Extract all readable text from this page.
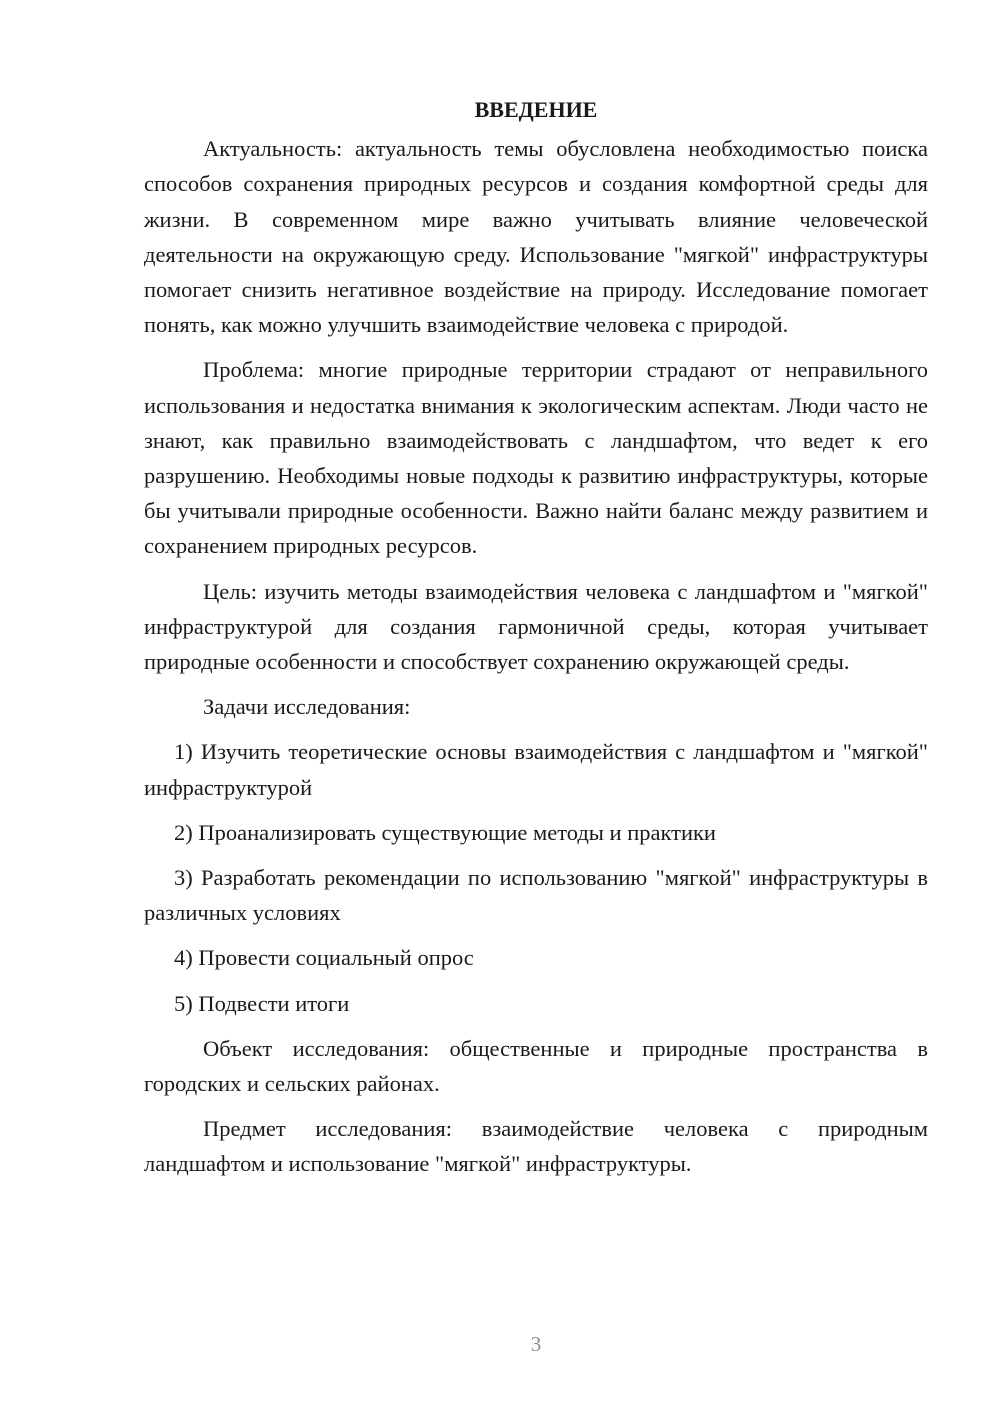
ВВЕДЕНИЕ

Актуальность: актуальность темы обусловлена необходимостью поиска способов сохранения природных ресурсов и создания комфортной среды для жизни. В современном мире важно учитывать влияние человеческой деятельности на окружающую среду. Использование "мягкой" инфраструктуры помогает снизить негативное воздействие на природу. Исследование помогает понять, как можно улучшить взаимодействие человека с природой.

Проблема: многие природные территории страдают от неправильного использования и недостатка внимания к экологическим аспектам. Люди часто не знают, как правильно взаимодействовать с ландшафтом, что ведет к его разрушению. Необходимы новые подходы к развитию инфраструктуры, которые бы учитывали природные особенности. Важно найти баланс между развитием и сохранением природных ресурсов.

Цель: изучить методы взаимодействия человека с ландшафтом и "мягкой" инфраструктурой для создания гармоничной среды, которая учитывает природные особенности и способствует сохранению окружающей среды.

Задачи исследования:

1) Изучить теоретические основы взаимодействия с ландшафтом и "мягкой" инфраструктурой

2) Проанализировать существующие методы и практики

3) Разработать рекомендации по использованию "мягкой" инфраструктуры в различных условиях

4) Провести социальный опрос

5) Подвести итоги

Объект исследования: общественные и природные пространства в городских и сельских районах.

Предмет исследования: взаимодействие человека с природным ландшафтом и использование "мягкой" инфраструктуры.

3
